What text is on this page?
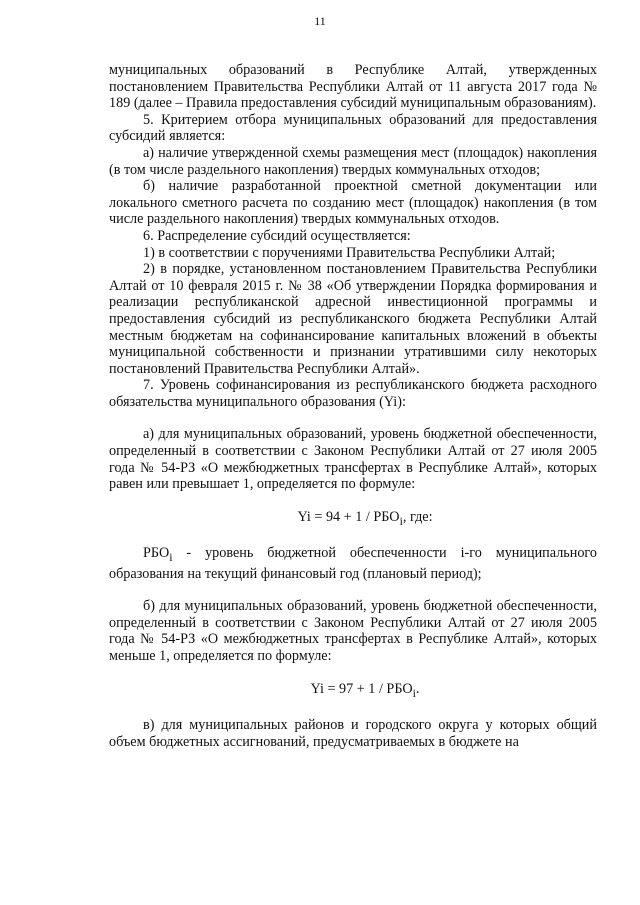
11

муниципальных образований в Республике Алтай, утвержденных постановлением Правительства Республики Алтай от 11 августа 2017 года № 189 (далее – Правила предоставления субсидий муниципальным образованиям).

5. Критерием отбора муниципальных образований для предоставления субсидий является:

а) наличие утвержденной схемы размещения мест (площадок) накопления (в том числе раздельного накопления) твердых коммунальных отходов;

б) наличие разработанной проектной сметной документации или локального сметного расчета по созданию мест (площадок) накопления (в том числе раздельного накопления) твердых коммунальных отходов.

6. Распределение субсидий осуществляется:

1) в соответствии с поручениями Правительства Республики Алтай;

2) в порядке, установленном постановлением Правительства Республики Алтай от 10 февраля 2015 г. № 38 «Об утверждении Порядка формирования и реализации республиканской адресной инвестиционной программы и предоставления субсидий из республиканского бюджета Республики Алтай местным бюджетам на софинансирование капитальных вложений в объекты муниципальной собственности и признании утратившими силу некоторых постановлений Правительства Республики Алтай».

7. Уровень софинансирования из республиканского бюджета расходного обязательства муниципального образования (Yi):

а) для муниципальных образований, уровень бюджетной обеспеченности, определенный в соответствии с Законом Республики Алтай от 27 июля 2005 года № 54-РЗ «О межбюджетных трансфертах в Республике Алтай», которых равен или превышает 1, определяется по формуле:

$Yi = 94 + 1 / РБО_i$, где:

$РБО_i$ - уровень бюджетной обеспеченности i-го муниципального образования на текущий финансовый год (плановый период);

б) для муниципальных образований, уровень бюджетной обеспеченности, определенный в соответствии с Законом Республики Алтай от 27 июля 2005 года № 54-РЗ «О межбюджетных трансфертах в Республике Алтай», которых меньше 1, определяется по формуле:

$Yi = 97 + 1 / РБО_i$.

в) для муниципальных районов и городского округа у которых общий объем бюджетных ассигнований, предусматриваемых в бюджете на
